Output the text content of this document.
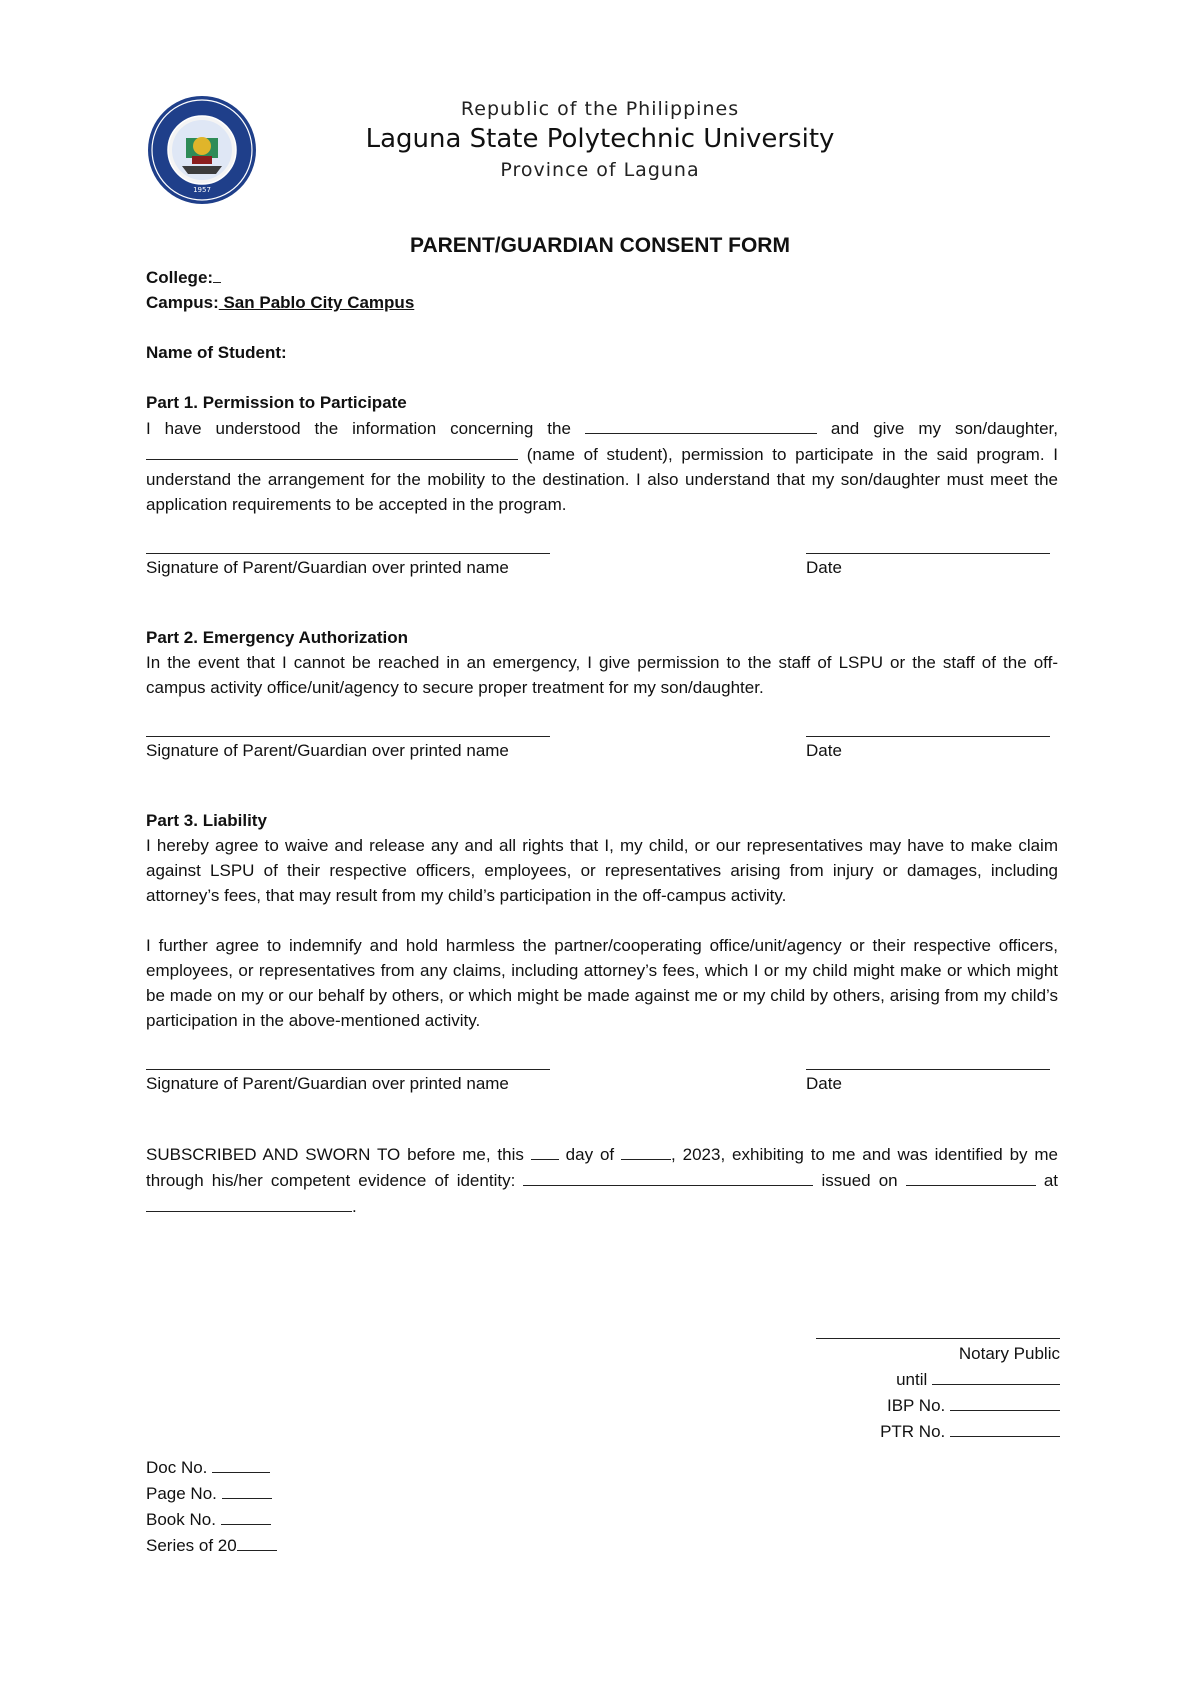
1957
Republic of the Philippines
Laguna State Polytechnic University
Province of Laguna
PARENT/GUARDIAN CONSENT FORM
College:
Campus: San Pablo City Campus
Name of Student:
Part 1. Permission to Participate

I have understood the information concerning the	and give my son/daughter,  (name of student), permission to participate in the said program. I understand the arrangement for the mobility to the destination. I also understand that my son/daughter must meet the application requirements to be accepted in the program.

Signature of Parent/Guardian over printed name	Date
Part 2. Emergency Authorization

In the event that I cannot be reached in an emergency, I give permission to the staff of LSPU or the staff of the off-campus activity office/unit/agency to secure proper treatment for my son/daughter.

Signature of Parent/Guardian over printed name	Date
Part 3. Liability

I hereby agree to waive and release any and all rights that I, my child, or our representatives may have to make claim against LSPU of their respective officers, employees, or representatives arising from injury or damages, including attorney’s fees, that may result from my child’s participation in the off-campus activity.

I further agree to indemnify and hold harmless the partner/cooperating office/unit/agency or their respective officers, employees, or representatives from any claims, including attorney’s fees, which I or my child might make or which might be made on my or our behalf by others, or which might be made against me or my child by others, arising from my child’s participation in the above-mentioned activity.

Signature of Parent/Guardian over printed name	Date

SUBSCRIBED AND SWORN TO before me, this day of	, 2023, exhibiting to me and was identified by me through his/her competent evidence of identity:	issued on	at .

Notary Public
until
IBP No.
PTR No.
Doc No.
Page No.
Book No.
Series of 20
